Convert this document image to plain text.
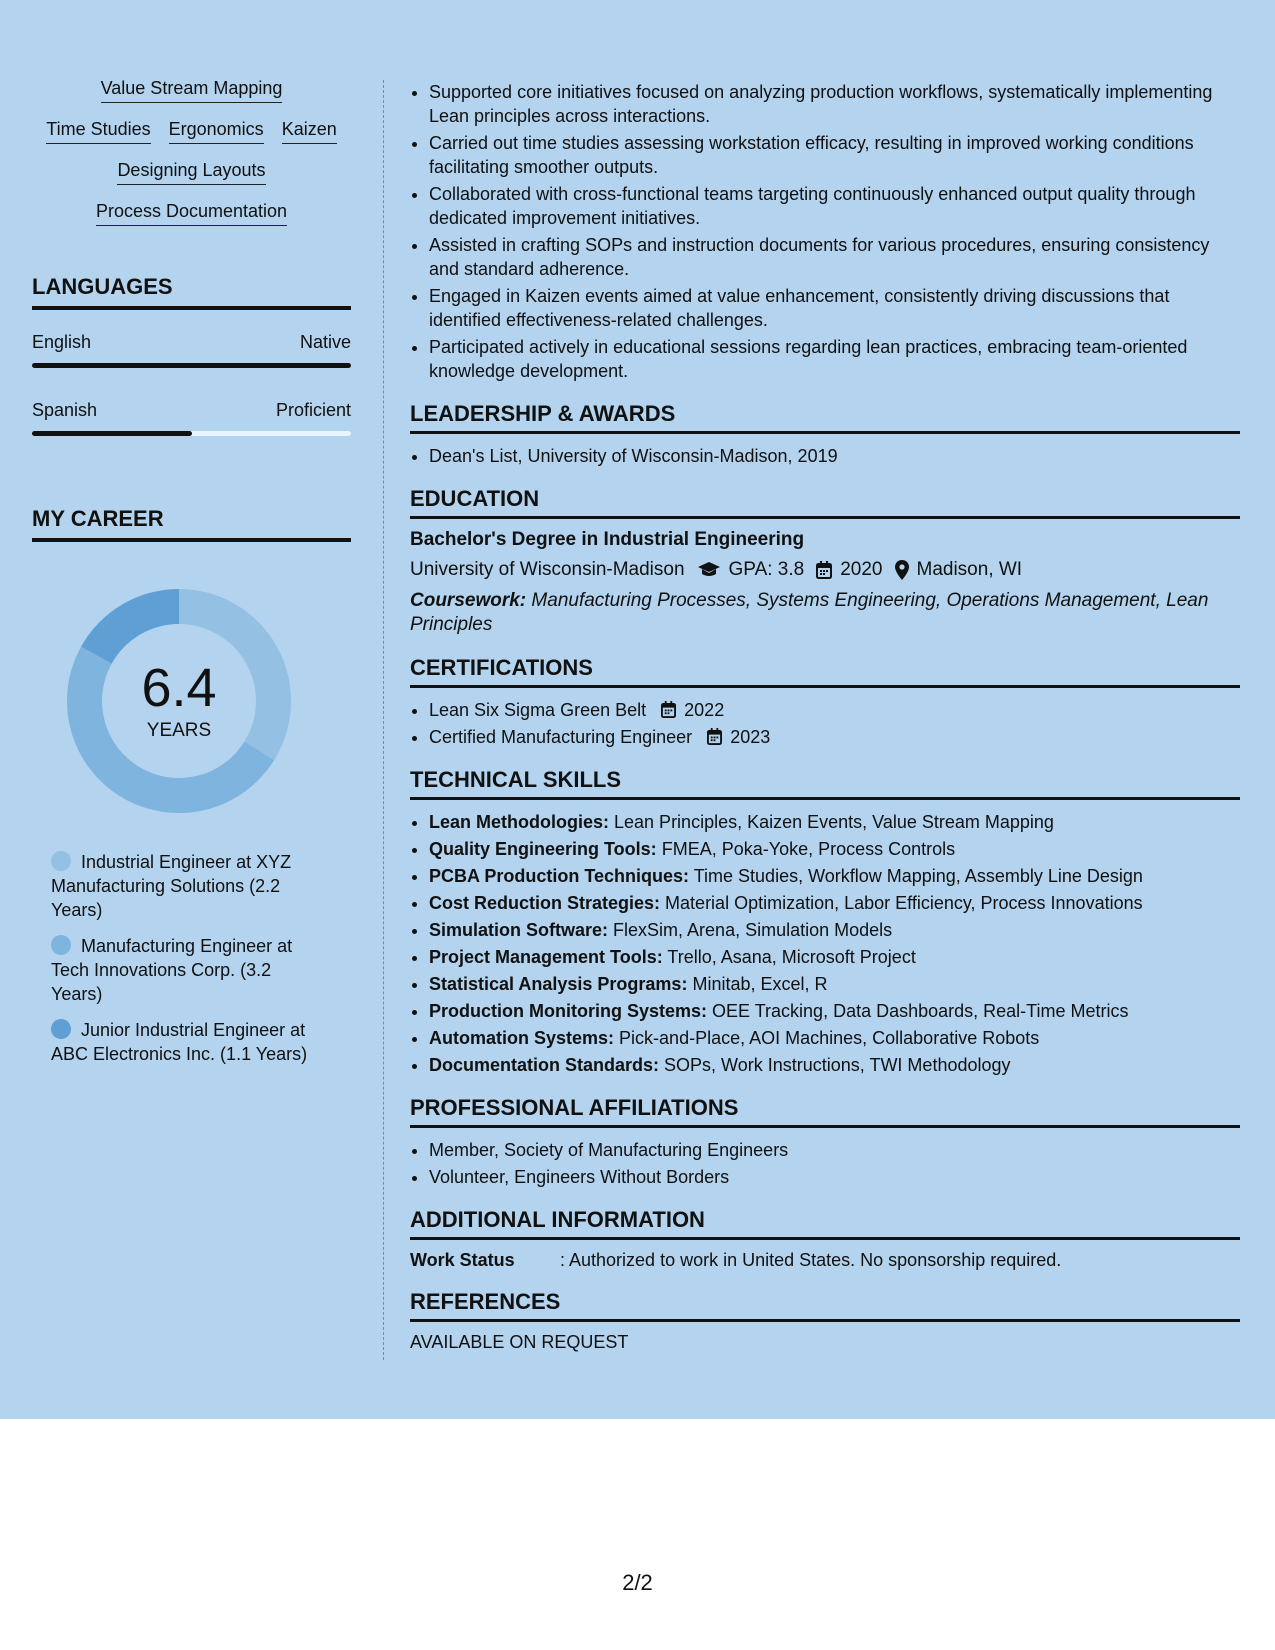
Value Stream Mapping
Time Studies Ergonomics Kaizen
Designing Layouts
Process Documentation
LANGUAGES
English	Native
Spanish	Proficient
MY CAREER
6.4
YEARS
Industrial Engineer at XYZ Manufacturing Solutions (2.2 Years)
Manufacturing Engineer at Tech Innovations Corp. (3.2 Years)
Junior Industrial Engineer at ABC Electronics Inc. (1.1 Years)
• Supported core initiatives focused on analyzing production workflows, systematically implementing Lean principles across interactions.
• Carried out time studies assessing workstation efficacy, resulting in improved working conditions facilitating smoother outputs.
• Collaborated with cross-functional teams targeting continuously enhanced output quality through dedicated improvement initiatives.
• Assisted in crafting SOPs and instruction documents for various procedures, ensuring consistency and standard adherence.
• Engaged in Kaizen events aimed at value enhancement, consistently driving discussions that identified effectiveness-related challenges.
• Participated actively in educational sessions regarding lean practices, embracing team-oriented knowledge development.
LEADERSHIP & AWARDS
• Dean's List, University of Wisconsin-Madison, 2019
EDUCATION
Bachelor's Degree in Industrial Engineering
University of Wisconsin-Madison GPA: 3.8 2020 Madison, WI
Coursework: Manufacturing Processes, Systems Engineering, Operations Management, Lean Principles
CERTIFICATIONS
• Lean Six Sigma Green Belt 2022
• Certified Manufacturing Engineer 2023
TECHNICAL SKILLS
• Lean Methodologies: Lean Principles, Kaizen Events, Value Stream Mapping
• Quality Engineering Tools: FMEA, Poka-Yoke, Process Controls
• PCBA Production Techniques: Time Studies, Workflow Mapping, Assembly Line Design
• Cost Reduction Strategies: Material Optimization, Labor Efficiency, Process Innovations
• Simulation Software: FlexSim, Arena, Simulation Models
• Project Management Tools: Trello, Asana, Microsoft Project
• Statistical Analysis Programs: Minitab, Excel, R
• Production Monitoring Systems: OEE Tracking, Data Dashboards, Real-Time Metrics
• Automation Systems: Pick-and-Place, AOI Machines, Collaborative Robots
• Documentation Standards: SOPs, Work Instructions, TWI Methodology
PROFESSIONAL AFFILIATIONS
• Member, Society of Manufacturing Engineers
• Volunteer, Engineers Without Borders
ADDITIONAL INFORMATION
Work Status	: Authorized to work in United States. No sponsorship required.
REFERENCES
AVAILABLE ON REQUEST
2/2
